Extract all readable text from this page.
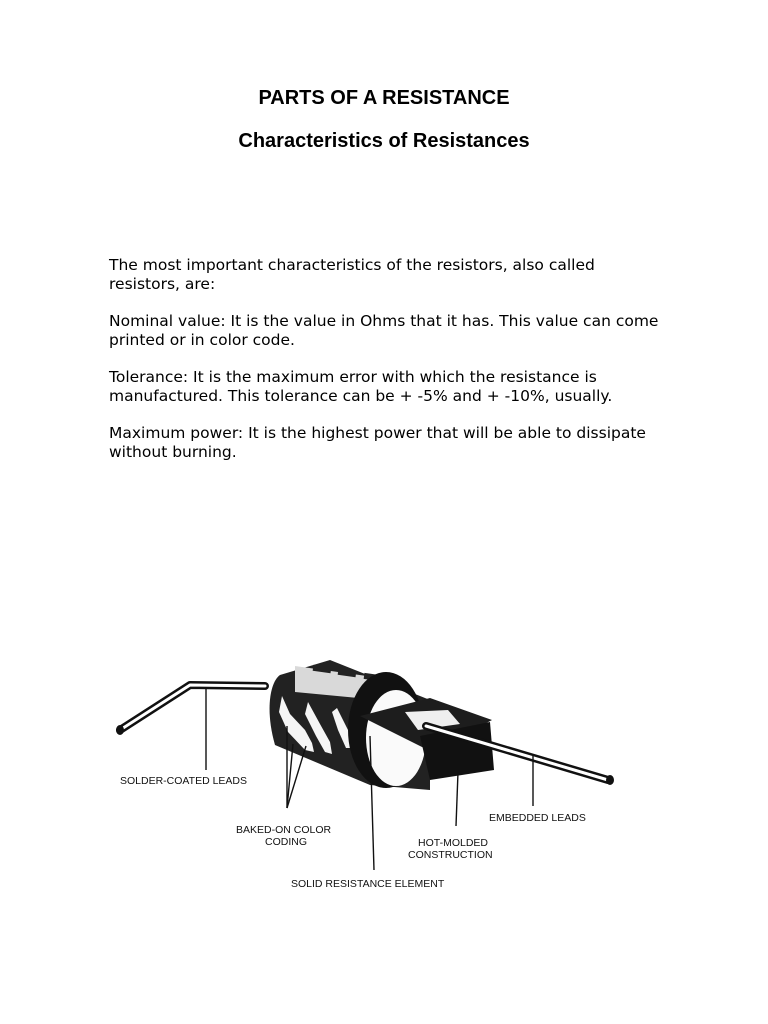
PARTS OF A RESISTANCE
Characteristics of Resistances

The most important characteristics of the resistors, also called resistors, are:

Nominal value: It is the value in Ohms that it has. This value can come printed or in color code.

Tolerance: It is the maximum error with which the resistance is manufactured. This tolerance can be + -5% and + -10%, usually.

Maximum power: It is the highest power that will be able to dissipate without burning.

SOLDER-COATED LEADS
BAKED-ON COLOR
CODING
EMBEDDED LEADS
HOT-MOLDED
CONSTRUCTION
SOLID RESISTANCE ELEMENT
